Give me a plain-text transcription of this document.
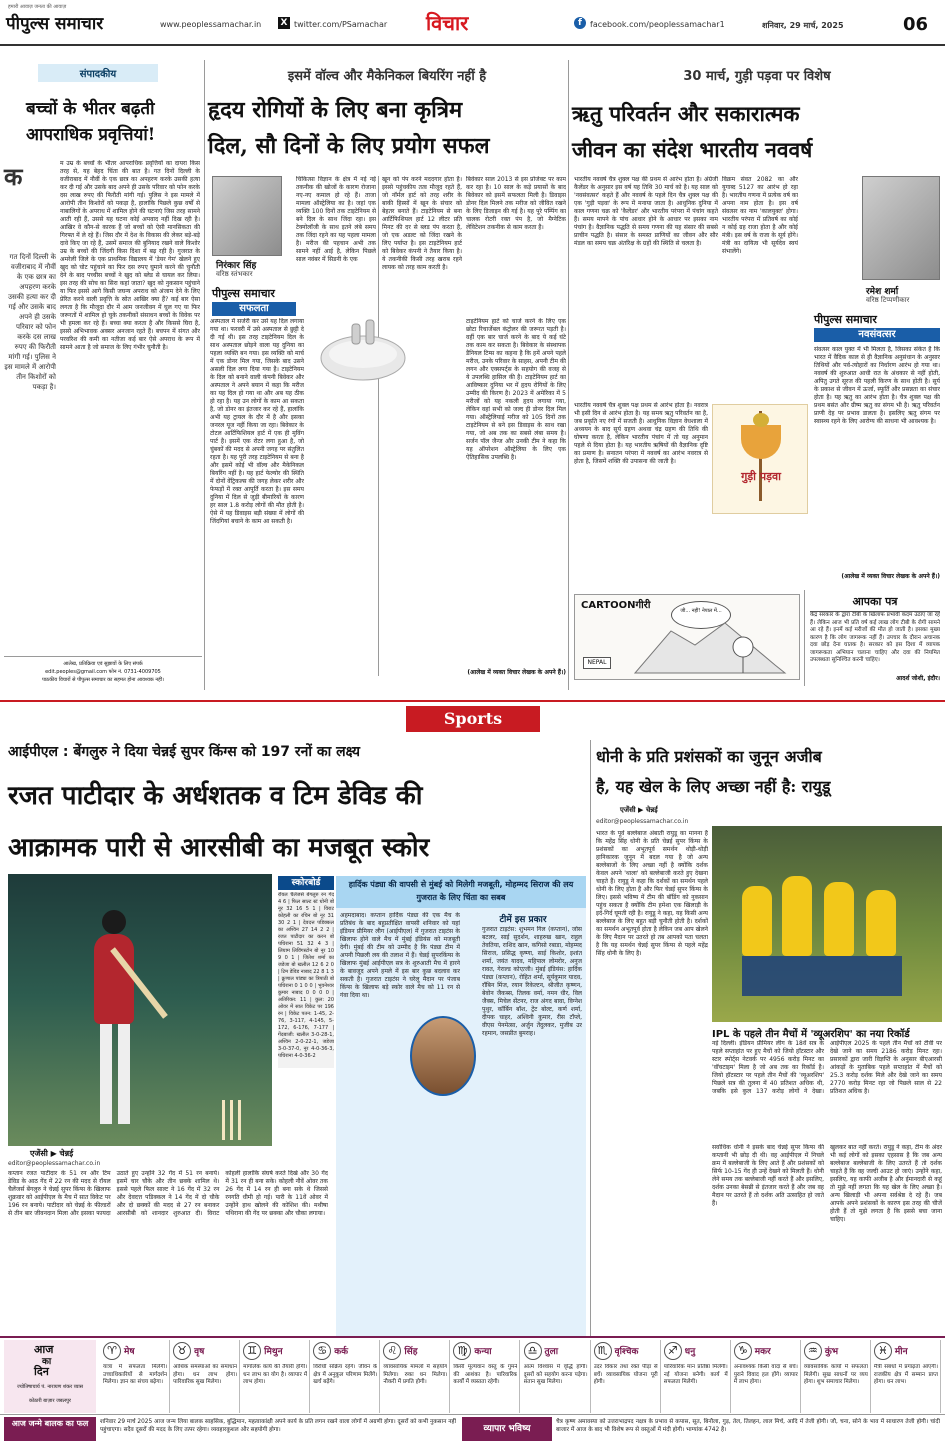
हमारी आवाज़ जनता की आवाज़
पीपुल्स समाचार	www.peoplessamachar.in X twitter.com/PSamachar विचार	f	facebook.com/peoplessamachar1	शनिवार, 29 मार्च, 2025	06
संपादकीय
बच्चों के भीतर बढ़ती आपराधिक प्रवृत्तियां!
क	म उम्र के बच्चों के भीतर आपराधिक प्रवृत्तियों का दायरा किस तरह से, यह बेहद चिंता की बात है। गत दिनों दिल्ली के वजीराबाद में नौवीं के एक छात्र का अपहरण करके उसकी हत्या कर दी गई और उसके बाद अपने ही उसके परिवार को फोन करके दस लाख रुपए की फिरौती मांगी गई। पुलिस ने इस मामले में आरोपी तीन किशोरों को पकड़ा है, हालांकि पिछले कुछ वर्षों से नाबालिगों के अपराध में शामिल होने की घटनाएं जिस तरह सामने आती रही हैं, उससे यह घटना कोई अपवाद नहीं दिख रही है। आखिर वे कौन-से कारक हैं जो बच्चों को ऐसी मानसिकता की गिरफ्त में ले रहे हैं। जिस दौर में देश के विकास की लेकर बड़े-बड़े दावे किए जा रहे हैं, उसमें समाज की बुनियाद रखने वाले किशोर उम्र के बच्चों की जिंदगी किस दिशा में बढ़ रही है। गुजरात के अमरेली जिले के एक प्राथमिक विद्यालय में 'डेयर गेम' खेलने हुए खुद को चोट पहुंचाने का फिर दस रुपए घुमाने करने की चुनौती देने के बाद पच्चीस बच्चों ने खुद को ब्लेड से घायल कर लिया। इस तरह की सोच का सिरा कहां जाता? खुद को नुकसान पहुंचाने या फिर इससे आगे किसी जघन्य अपराध को अंजाम देने के लिए प्रेरित करने वाली प्रवृत्ति के स्रोत आखिर क्या हैं? कई बार ऐसा लगता है कि मौजूदा दौर में आम जनजीवन में घुल गए या फिर जरूरतों में शामिल हो चुके तकनीकों संसाधन बच्चों के विवेक पर भी हमला कर रहे हैं। बच्चा क्या करता है और किससे घिरा है, इससे अभिभावक अक्सर अनजान रहते हैं। बचपन में संगत और परवरिश की कमी का नतीजा कई बार ऐसे अपराध के रूप में सामने आता है जो समाज के लिए गंभीर चुनौती है।
गत दिनों दिल्ली के वजीराबाद में नौवीं के एक छात्र का अपहरण करके उसकी हत्या कर दी गई और उसके बाद अपने ही उसके परिवार को फोन करके दस लाख रुपए की फिरौती मांगी गई। पुलिस ने इस मामले में आरोपी तीन किशोरों को पकड़ा है।
आलेख, प्रतिक्रिया एवं सुझावों के लिए संपर्क
edit.peoples@gmail.com फोन नं. 0731-4009705
पाठकीय विचारों से पीपुल्स समाचार का सहमत होना आवश्यक नहीं।
इसमें वॉल्व और मैकेनिकल बियरिंग नहीं है
हृदय रोगियों के लिए बना कृत्रिम
दिल, सौ दिनों के लिए प्रयोग सफल
निरंकार सिंह
वरिष्ठ स्तंभकार
पीपुल्स समाचार
सफलता
चिकित्सा विज्ञान के क्षेत्र में नई नई तकनीक की खोजों के कारण रोजाना नए-नए कमाल हो रहे हैं। ताजा मामला ऑस्ट्रेलिया का है। जहां एक व्यक्ति 100 दिनों तक टाइटेनियम से बने दिल के साथ जिंदा रहा। इस टेक्नोलॉजी के साथ इतने लंबे समय तक जिंदा रहने का यह पहला मामला है। मरीज की पहचान अभी तक सामने नहीं आई है, लेकिन पिछले साल नवंबर में सिडनी के एक
खून को पंप करने मददगार होता है। इससे पहुंचकीय तत्व मौजूद रहते हैं, जो नॉर्मल हार्ट को तरह शरीर के बाकी हिस्सों में खून के संचार को बेहतर बनाते हैं। टाइटेनियम से बना आर्टिफिशियल हार्ट 12 लीटर प्रति मिनट की दर से ब्लड पंप करता है, जो एक अडल्ट को जिंदा रखने के लिए पर्याप्त है। इस टाइटेनियम हार्ट को बिवेकर कंपनी ने तैयार किया है। ये तकनीकी किसी तरह खराब रहने लायक को तरह काम करती है।
बिवेकार साल 2013 से इस प्रोजेक्ट पर काम कर रहा है। 10 साल के कड़े प्रयासों के बाद बिवेकार को इसमें सफलता मिली है। डिवाइस डोनर दिल मिलने तक मरीज को जीवित रखने के लिए डिजाइन की गई है। यह पूरे पम्पिंग का चालक रोटरी रक्त पंप है, जो मैग्नेटिक लेविटेशन तकनीक से काम करता है।
अस्पताल में सर्जरी कर उसे यह दिल लगाया गया था। फरवरी में उसे अस्पताल से छुट्टी दे दी गई थी। इस तरह टाइटेनियम दिल के साथ अस्पताल छोड़ने वाला यह दुनिया का पहला व्यक्ति बन गया। इस व्यक्ति को मार्च में एक डोनर मिल गया, जिसके बाद उसने असली दिल लगा दिया गया है। टाइटेनियम के दिल को बनाने वाली कंपनी बिवेकर और अस्पताल ने अपने बयान में कहा कि मरीज का यह दिल हो गया था और अब यह ठीक हो रहा है। यह उन लोगों के काम आ सकता है, जो डोनर का इंतजार कर रहे हैं, हालांकि अभी यह ट्रायल के दौर में है और इसका जनरल यूज नहीं किया जा रहा। बिवेकार के टोटल आर्टिफिशियल हार्ट में एक ही मुविंग पार्ट है। इसमें एक रोटर लगा हुआ है, जो चुंबकों की मदद से अपनी जगह पर संतुलित रहता है। यह पूरी तरह टाइटेनियम से बना है और इसमें कोई भी वॉल्व और मैकेनिकल बियरिंग नहीं है। यह हार्ट फेल्योर की स्थिति में दोनों वेंट्रिकल्स की जगह लेकर शरीर और फेफड़ों में रक्त आपूर्ति करता है। इस समय दुनिया में दिल से जुड़ी बीमारियों के कारण हर साल 1.8 करोड़ लोगों की मौत होती है। ऐसे में यह डिवाइस बड़ी संख्या में लोगों की जिंदगियां बचाने के काम आ सकती है।
टाइटेनियम हार्ट को चार्ज करने के लिए एक छोटा रिचार्जेबल कंट्रोलर की जरूरत पड़ती है। वहीं एक बार चार्ज करने के बाद ये कई घंटे तक काम कर सकता है। बिवेकार के संस्थापक डैनियल टिम्स का कहना है कि हमें अपने पहले मरीज, उनके परिवार के साहस, अपनी टीम की लगन और एक्सपर्ट्स के सहयोग की वजह से ये उपलब्धि हासिल की है। टाइटेनियम हार्ट का आविष्कार दुनिया भर में हृदय रोगियों के लिए उम्मीद की किरण है। 2023 में अमेरिका में 5 मरीजों को यह नकली हृदय लगाया गया, लेकिन वहां सभी को जल्द ही डोनर दिल मिल गया। ऑस्ट्रेलियाई मरीज को 105 दिनों तक टाइटेनियम से बने इस डिवाइस के साथ रखा गया, जो अब तक का सबसे लंबा समय है। सर्जन पॉल जैन्ज और उनकी टीम ने कहा कि यह ऑपरेशन ऑस्ट्रेलिया के लिए एक ऐतिहासिक उपलब्धि है।
(आलेख में व्यक्त विचार लेखक के अपने हैं।)
30 मार्च, गुड़ी पड़वा पर विशेष
ऋतु परिवर्तन और सकारात्मक
जीवन का संदेश भारतीय नववर्ष
भारतीय नववर्ष चैत्र शुक्ल पक्ष की प्रथम से आरंभ होता है। अंग्रेजी कैलेंडर के अनुसार इस वर्ष यह तिथि 30 मार्च को है। यह साल को 'नवसंवत्सर' कहते हैं और नववर्ष के पहले दिन चैत्र शुक्ल पक्ष की एक 'गुड़ी पड़वा' के रूप में मनाया जाता है। आधुनिक दुनिया में काल गणना चक्र को 'कैलेंडर' और भारतीय परंपरा में पंचांग कहते हैं। समय मापने के पांच आधार होने के आधार पर इसका नाम पंचांग है। वैज्ञानिक पद्धति से समय गणना की यह संसार की सबसे प्राचीन पद्धति है। संसार के समस्त प्राणियों का जीवन और सौर मंडल का समय चक्र अंतरिक्ष के ग्रहों की स्थिति से चलता है।
विक्रम संवत 2082 का और युगाब्द 5127 का आरंभ हो रहा है। भारतीय गणना में प्रत्येक वर्ष का अपना नाम होता है। इस वर्ष संवत्सर का नाम 'कालयुक्त' होगा। भारतीय परंपरा में प्रतिवर्ष का कोई न कोई ग्रह राजा होता है और कोई मंत्री। इस वर्ष के राजा के सूर्य होंगे। मंत्री का दायित्व भी सूर्यदेव स्वयं संभालेंगे।
रमेश शर्मा
वरिष्ठ टिप्पणीकार
पीपुल्स समाचार
नवसंवत्सर
गुड़ी पड़वा
भारतीय नववर्ष चैत्र शुक्ल पक्ष प्रथम से आरंभ होता है। नवरात्र भी इसी दिन से आरंभ होता है। यह समय ऋतु परिवर्तन का है, जब प्रकृति नए रंगों में सजती है। आधुनिक विज्ञान वेधशाला में अध्ययन के बाद सूर्य ग्रहण अथवा चंद्र ग्रहण की तिथि की घोषणा करता है, लेकिन भारतीय पंचांग में तो यह अनुमान पहले से दिया होता है। यह भारतीय ऋषियों की वैज्ञानिक दृष्टि का प्रमाण है। सनातन परंपरा में नववर्ष का आरंभ नवरात्र से होता है, जिसमें शक्ति की उपासना की जाती है।
संवत्सर काल युक्त में भी मिलता है, जिसका संकेत है कि भारत में वैदिक काल से ही वैज्ञानिक अनुसंधान के अनुसार तिथियों और पर्व-त्योहारों का निर्धारण आरंभ हो गया था। नववर्ष की शुरुआत आधी रात के अंधकार से नहीं होती, अपितु उगते सूरज की पहली किरण के साथ होती है। सूर्य के प्रकाश से जीवन में ऊर्जा, स्फूर्ति और प्रसन्नता का संचार होता है। यह ऋतु का आरंभ होता है। चैत्र शुक्ल पक्ष की प्रथम बसंत और ग्रीष्म ऋतु का संगम भी है। ऋतु परिवर्तन प्राणी देह पर प्रभाव डालता है। इसलिए ऋतु संगम पर स्वास्थ्य रहने के लिए आरोग्य की साधना भी आवश्यक है।
(आलेख में व्यक्त विचार लेखक के अपने हैं।)
CARTOONगीरी	जी... नहीं! नेपाल में...
NEPAL
आपका पत्र
केंद्र सरकार के द्वारा टीबी के खिलाफ प्रभावी कदम उठाए जा रहे हैं। लेकिन आज भी प्रति वर्ष कई लाख लोग टीबी के रोगी सामने आ रहे हैं। इनमें कई मरीजों की मौत हो जाती है। इसका मुख्य कारण है कि लोग जागरूक नहीं हैं। उपचार के दौरान अचानक दवा छोड़ देना घातक है। सरकार को इस दिशा में व्यापक जागरूकता अभियान चलाना चाहिए और दवा की नियमित उपलब्धता सुनिश्चित करनी चाहिए।
आदर्श जोशी, इंदौर।
Sports
आईपीएल : बेंगलुरु ने दिया चेन्नई सुपर किंग्स को 197 रनों का लक्ष्य
रजत पाटीदार के अर्धशतक व टिम डेविड की
आक्रामक पारी से आरसीबी का मजबूत स्कोर
एजेंसी ▶ चेन्नई
editor@peoplessamachar.co.in
कप्तान रजत पाटीदार के 51 रन और टिम डेविड के आठ गेंद में 22 रन की मदद से रॉयल चैलेंजर्स बेंगलुरु ने चेन्नई सुपर किंग्स के खिलाफ शुक्रवार को आईपीएल के मैच में सात विकेट पर 196 रन बनाये। पाटीदार को चेन्नई के फील्डरों से तीन बार जीवनदान मिला और इसका फायदा उठाते हुए उन्होंने 32 गेंद में 51 रन बनाये। इसमें चार चौके और तीन छक्के शामिल थे। इससे पहले फिल साल्ट ने 16 गेंद में 32 रन और देवदत्त पडिक्कल ने 14 गेंद में दो चौके और दो छक्कों की मदद से 27 रन बनाकर आरसीबी को शानदार शुरुआत दी। विराट कोहली हालांकि संघर्ष करते दिखे और 30 गेंद में 31 रन ही बना सके। कोहली नौवें ओवर तक 26 गेंद में 14 रन ही बना सके थे जिससे रनगति धीमी हो गई। पारी के 11वें ओवर में उन्होंने हाथ खोलने की कोशिश की। मथीषा पथिराना की गेंद पर छक्का और चौका लगाया।
स्कोरबोर्ड
रॉयल चैलेंजर्स बेंगलुरु रन गेंद 4 6 | फिल साल्ट स्टं धोनी बो नूर 32 16 5 1 | विराट कोहली का रचिन बो नूर 31 30 2 1 | देवदत्त पडिक्कल का अश्विन 27 14 2 2 | रजत पाटीदार का करन बो पथिराना 51 32 4 3 | लियाम लिविंगस्टोन बो नूर 10 9 0 1 | जितेश शर्मा का जडेजा बो खलील 12 6 2 0 | टिम डेविड नाबाद 22 8 1 3 | क्रुणाल पांड्या का त्रिपाठी बो पथिराना 0 1 0 0 | भुवनेश्वर कुमार नाबाद 0 0 0 0 | अतिरिक्त: 11 | कुल: 20 ओवर में सात विकेट पर 196 रन | विकेट पतन: 1-45, 2-76, 3-117, 4-145, 5-172, 6-176, 7-177 | गेंदबाजी: खलील 3-0-28-1, अश्विन 2-0-22-1, जडेजा 3-0-37-0, नूर 4-0-36-3, पथिराना 4-0-36-2
हार्दिक पंड्या की वापसी से मुंबई को मिलेगी मजबूती, मोहम्मद सिराज की लय गुजरात के लिए चिंता का सबब
अहमदाबाद। कप्तान हार्दिक पंड्या की एक मैच के प्रतिबंध के बाद बहुप्रतीक्षित वापसी शनिवार को यहां इंडियन प्रीमियर लीग (आईपीएल) में गुजरात टाइटंस के खिलाफ होने वाले मैच में मुंबई इंडियंस को मजबूती देगी। मुंबई की टीम को उम्मीद है कि पंड्या टीम में अपनी पिछली लय की तलाश में हैं। चेन्नई सुपरकिंग्स के खिलाफ मुंबई आईपीएल सत्र के शुरुआती मैच में हारने के बावजूद अपने हमले में इस बार कुछ बदलाव कर सकती है। गुजरात टाइटंस ने घरेलू मैदान पर पंजाब किंग्स के खिलाफ बड़े स्कोर वाले मैच को 11 रन से गंवा दिया था।
टीमें इस प्रकार
गुजरात टाइटंस: शुभमन गिल (कप्तान), जोस बटलर, साई सुदर्शन, शाहरुख खान, राहुल तेवतिया, राशिद खान, कगिसो रबाडा, मोहम्मद सिराज, प्रसिद्ध कृष्णा, साई किशोर, इशांत शर्मा, जयंत यादव, महिपाल लोमरोर, अनुज रावत, गेराल्ड कोएत्जी। मुंबई इंडियंस: हार्दिक पंड्या (कप्तान), रोहित शर्मा, सूर्यकुमार यादव, रॉबिन मिंज, रयान रिकेल्टन, श्रीजीत कृष्णन, बेवोन जैकब्स, तिलक वर्मा, नमन धीर, विल जैक्स, मिचेल सेंटनर, राज अंगद बावा, विग्नेश पुथुर, कॉर्बिन बॉश, ट्रेंट बोल्ट, कर्ण शर्मा, दीपक चाहर, अश्विनी कुमार, रीस टॉप्ले, वीएस पेनमेत्सा, अर्जुन तेंदुलकर, मुजीब उर रहमान, जसप्रीत बुमराह।
धोनी के प्रति प्रशंसकों का जुनून अजीब
है, यह खेल के लिए अच्छा नहीं है: रायुडू
एजेंसी ▶ चेन्नई
editor@peoplessamachar.co.in
भारत के पूर्व बल्लेबाज अंबाती रायुडू का मानना है कि महेंद्र सिंह धोनी के प्रति चेन्नई सुपर किंग्स के प्रशंसकों का अभूतपूर्व समर्थन थोड़ी-थोड़ी हानिकारक जुनून में बदल गया है जो अन्य बल्लेबाजों के लिए अच्छा नहीं है क्योंकि दर्शक केवल अपने 'थाला' को बल्लेबाजी करते हुए देखना चाहते हैं। रायुडू ने कहा कि दर्शकों का समर्थन पहले धोनी के लिए होता है और फिर चेन्नई सुपर किंग्स के लिए। इससे भविष्य में टीम की बॉडिंग को नुकसान पहुंच सकता है क्योंकि टीम हमेशा एक खिलाड़ी के इर्द-गिर्द घूमती रही है। रायुडू ने कहा, यह किसी अन्य बल्लेबाज के लिए बहुत बड़ी चुनौती होती है। दर्शकों का समर्थन अभूतपूर्व होता है लेकिन जब आप खेलने के लिए मैदान पर उतरते हो तब आपको पता चलता है कि यह समर्थन चेन्नई सुपर किंग्स से पहले महेंद्र सिंह धोनी के लिए है।
IPL के पहले तीन मैचों में 'व्यूअरशिप' का नया रिकॉर्ड
नई दिल्ली। इंडियन प्रीमियर लीग के 18वें सत्र के पहले सप्ताहांत पर हुए मैचों को जियो हॉटस्टार और स्टार स्पोर्ट्स नेटवर्क पर 4956 करोड़ मिनट का 'वॉचटाइम' मिला है जो अब तक का रिकॉर्ड है। जियो हॉटस्टार पर पहले तीन मैचों की 'व्यूअरशिप' पिछले सत्र की तुलना में 40 प्रतिशत अधिक थी, जबकि इसे कुल 137 करोड़ लोगों ने देखा। आईपीएल 2025 के पहले तीन मैचों को टीवी पर देखे जाने का समय 2186 करोड़ मिनट रहा। प्रसारकों द्वारा जारी विज्ञप्ति के अनुसार बीएआरसी आंकड़ों के मुताबिक पहले सप्ताहांत में मैचों को 25.3 करोड़ दर्शक मिले और देखे जाने का समय 2770 करोड़ मिनट रहा जो पिछले साल से 22 प्रतिशत अधिक है।
सर्वाधिक धोनी ने इसके बाद चेन्नई सुपर किंग्स की कप्तानी भी छोड़ दी थी। वह आईपीएल में निचले क्रम में बल्लेबाजी के लिए आते हैं और प्रशंसकों को सिर्फ 10-15 गेंद ही उन्हें देखने को मिलती हैं। धोनी लेने समय तक बल्लेबाजी नहीं करते हैं और इसलिए, दर्शक उनका बेसब्री से इंतजार करते हैं और जब वह मैदान पर उतरते हैं तो दर्शक अति उत्साहित हो जाते हैं।
खुलकर बात नहीं करते। रायुडू ने कहा, टीम के अंदर भी कई लोगों को इसका एहसास है कि जब अन्य बल्लेबाज बल्लेबाजी के लिए उतरते हैं तो दर्शक चाहते हैं कि वह जल्दी आउट हो जाएं। उन्होंने कहा, इसलिए, यह काफी अजीब है और ईमानदारी से कहूं तो मुझे नहीं लगता कि यह खेल के लिए अच्छा है। अन्य खिलाड़ी भी अपना सर्वश्रेष्ठ दे रहे हैं। जब आपके अपने प्रशंसकों के कारण इस तरह की चीजें होती हैं तो मुझे लगता है कि इससे बचा जाना चाहिए।
आज
का
दिन
ज्योतिषाचार्य पं. नारायण शंकर व्यास
कोठारी बाज़ार जबलपुर
♈ मेष
यात्रा में सफलता मिलेगी। उच्चाधिकारियों से मार्गदर्शन मिलेगा। ज्ञान का संचय बढ़ेगा।
♉ वृष
आर्थिक समस्याओं का समाधान होगा। धन लाभ होगा। पारिवारिक सुख मिलेगा।
♊ मिथुन
मांगलिक कार्य की तैयारी होगी। धन लाभ का योग है। व्यापार में लाभ होगा।
♋ कर्क
विरोधी सक्रिय रहेंगे। जीवन के क्षेत्र में अनुकूल परिणाम मिलेंगे। खर्च बढ़ेंगे।
♌ सिंह
व्यावसायिक मामलों में सहयोग मिलेगा। रुका धन मिलेगा। नौकरी में प्रगति होगी।
♍ कन्या
किसी मूल्यवान वस्तु के गुमने की आशंका है। पारिवारिक कार्यों में व्यस्तता रहेगी।
♎ तुला
आत्म विश्वास में वृद्धि होगी। दूसरों को सहयोग करना पड़ेगा। संतान सुख मिलेगा।
♏ वृश्चिक
उदर विकार तथा रक्त पीड़ा से बचें। व्यावसायिक योजना पूरी होगी।
♐ धनु
पारिवारिक मान प्रतिष्ठा मिलेगी। नई योजना बनेगी। कार्य में सफलता मिलेगी।
♑ मकर
अनावश्यक किसी वादा से बचें। पुराने विवाद हल होंगे। व्यापार में लाभ होगा।
♒ कुंभ
व्यावसायिक कार्यों में सफलता मिलेगी। सुख साधनों पर व्यय होगा। शुभ समाचार मिलेगा।
♓ मीन
मैत्री संबंधों में प्रगाढ़ता आएगी। राजकीय क्षेत्र में सम्मान प्राप्त होगा। धन लाभ।
आज जन्मे बालक का फल	शनिवार 29 मार्च 2025 आज जन्म लिया बालक साहसिक, बुद्धिमान, महत्वाकांक्षी अपने कार्य के प्रति लगन रखने वाला लोगों में अग्रणी होगा। दूसरों को कभी नुकसान नहीं पहुंचाएगा। सदैव दूसरों की मदद के लिए तत्पर रहेगा। व्यवहारकुशल और सहयोगी होगा।	व्यापार भविष्य
चैत्र कृष्ण अमावस्या को उत्तराभाद्रपद नक्षत्र के प्रभाव से कपास, सूत, बिनौला, गुड़, तेल, तिलहन, लाल मिर्च, आदि में तेजी होगी। जौ, चना, सोने के भाव में साधारण तेजी होगी। चांदी बाजार में आज के बाद भी विशेष रूप से वस्तुओं में मंदी होगी। भाग्यांक 4742 है।
